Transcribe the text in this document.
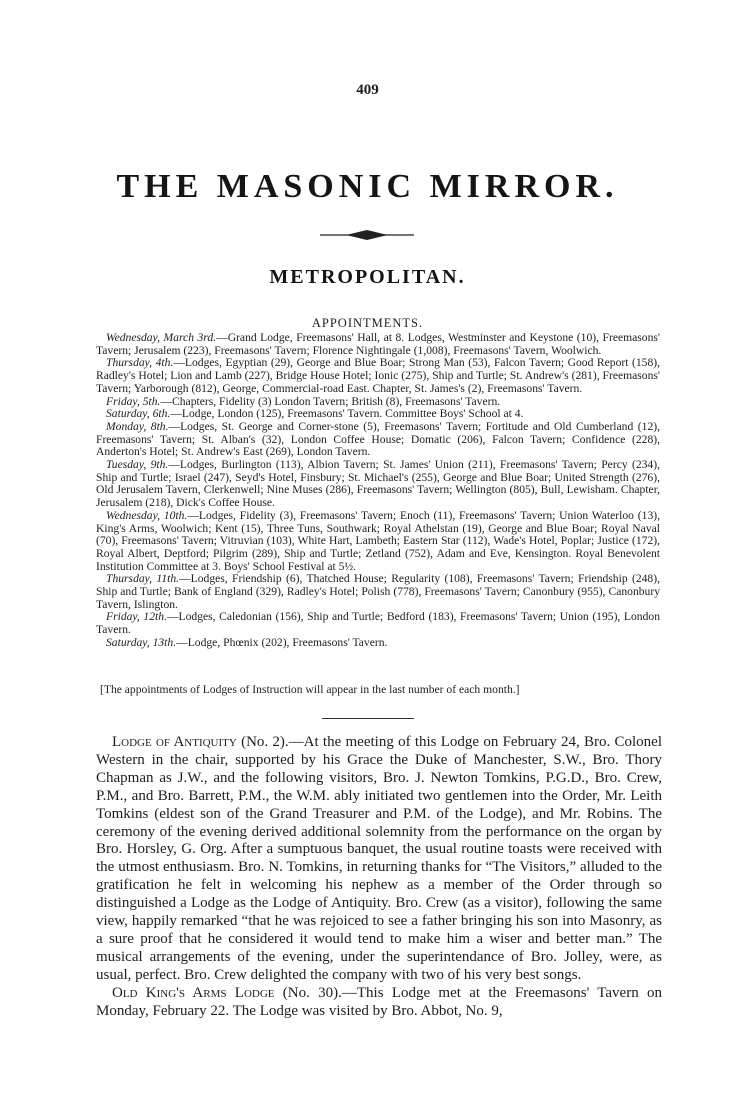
409
THE MASONIC MIRROR.
METROPOLITAN.
APPOINTMENTS.

Wednesday, March 3rd.—Grand Lodge, Freemasons' Hall, at 8. Lodges, Westminster and Keystone (10), Freemasons' Tavern; Jerusalem (223), Freemasons' Tavern; Florence Nightingale (1,008), Freemasons' Tavern, Woolwich.

Thursday, 4th.—Lodges, Egyptian (29), George and Blue Boar; Strong Man (53), Falcon Tavern; Good Report (158), Radley's Hotel; Lion and Lamb (227), Bridge House Hotel; Ionic (275), Ship and Turtle; St. Andrew's (281), Freemasons' Tavern; Yarborough (812), George, Commercial-road East. Chapter, St. James's (2), Freemasons' Tavern.

Friday, 5th.—Chapters, Fidelity (3) London Tavern; British (8), Freemasons' Tavern.

Saturday, 6th.—Lodge, London (125), Freemasons' Tavern. Committee Boys' School at 4.

Monday, 8th.—Lodges, St. George and Corner-stone (5), Freemasons' Tavern; Fortitude and Old Cumberland (12), Freemasons' Tavern; St. Alban's (32), London Coffee House; Domatic (206), Falcon Tavern; Confidence (228), Anderton's Hotel; St. Andrew's East (269), London Tavern.

Tuesday, 9th.—Lodges, Burlington (113), Albion Tavern; St. James' Union (211), Freemasons' Tavern; Percy (234), Ship and Turtle; Israel (247), Seyd's Hotel, Finsbury; St. Michael's (255), George and Blue Boar; United Strength (276), Old Jerusalem Tavern, Clerkenwell; Nine Muses (286), Freemasons' Tavern; Wellington (805), Bull, Lewisham. Chapter, Jerusalem (218), Dick's Coffee House.

Wednesday, 10th.—Lodges, Fidelity (3), Freemasons' Tavern; Enoch (11), Freemasons' Tavern; Union Waterloo (13), King's Arms, Woolwich; Kent (15), Three Tuns, Southwark; Royal Athelstan (19), George and Blue Boar; Royal Naval (70), Freemasons' Tavern; Vitruvian (103), White Hart, Lambeth; Eastern Star (112), Wade's Hotel, Poplar; Justice (172), Royal Albert, Deptford; Pilgrim (289), Ship and Turtle; Zetland (752), Adam and Eve, Kensington. Royal Benevolent Institution Committee at 3. Boys' School Festival at 5½.

Thursday, 11th.—Lodges, Friendship (6), Thatched House; Regularity (108), Freemasons' Tavern; Friendship (248), Ship and Turtle; Bank of England (329), Radley's Hotel; Polish (778), Freemasons' Tavern; Canonbury (955), Canonbury Tavern, Islington.

Friday, 12th.—Lodges, Caledonian (156), Ship and Turtle; Bedford (183), Freemasons' Tavern; Union (195), London Tavern.

Saturday, 13th.—Lodge, Phœnix (202), Freemasons' Tavern.

[The appointments of Lodges of Instruction will appear in the last number of each month.]

Lodge of Antiquity (No. 2).—At the meeting of this Lodge on February 24, Bro. Colonel Western in the chair, supported by his Grace the Duke of Manchester, S.W., Bro. Thory Chapman as J.W., and the following visitors, Bro. J. Newton Tomkins, P.G.D., Bro. Crew, P.M., and Bro. Barrett, P.M., the W.M. ably initiated two gentlemen into the Order, Mr. Leith Tomkins (eldest son of the Grand Treasurer and P.M. of the Lodge), and Mr. Robins. The ceremony of the evening derived additional solemnity from the performance on the organ by Bro. Horsley, G. Org. After a sumptuous banquet, the usual routine toasts were received with the utmost enthusiasm. Bro. N. Tomkins, in returning thanks for “The Visitors,” alluded to the gratification he felt in welcoming his nephew as a member of the Order through so distinguished a Lodge as the Lodge of Antiquity. Bro. Crew (as a visitor), following the same view, happily remarked “that he was rejoiced to see a father bringing his son into Masonry, as a sure proof that he considered it would tend to make him a wiser and better man.” The musical arrangements of the evening, under the superintendance of Bro. Jolley, were, as usual, perfect. Bro. Crew delighted the company with two of his very best songs.

Old King's Arms Lodge (No. 30).—This Lodge met at the Freemasons' Tavern on Monday, February 22. The Lodge was visited by Bro. Abbot, No. 9,
